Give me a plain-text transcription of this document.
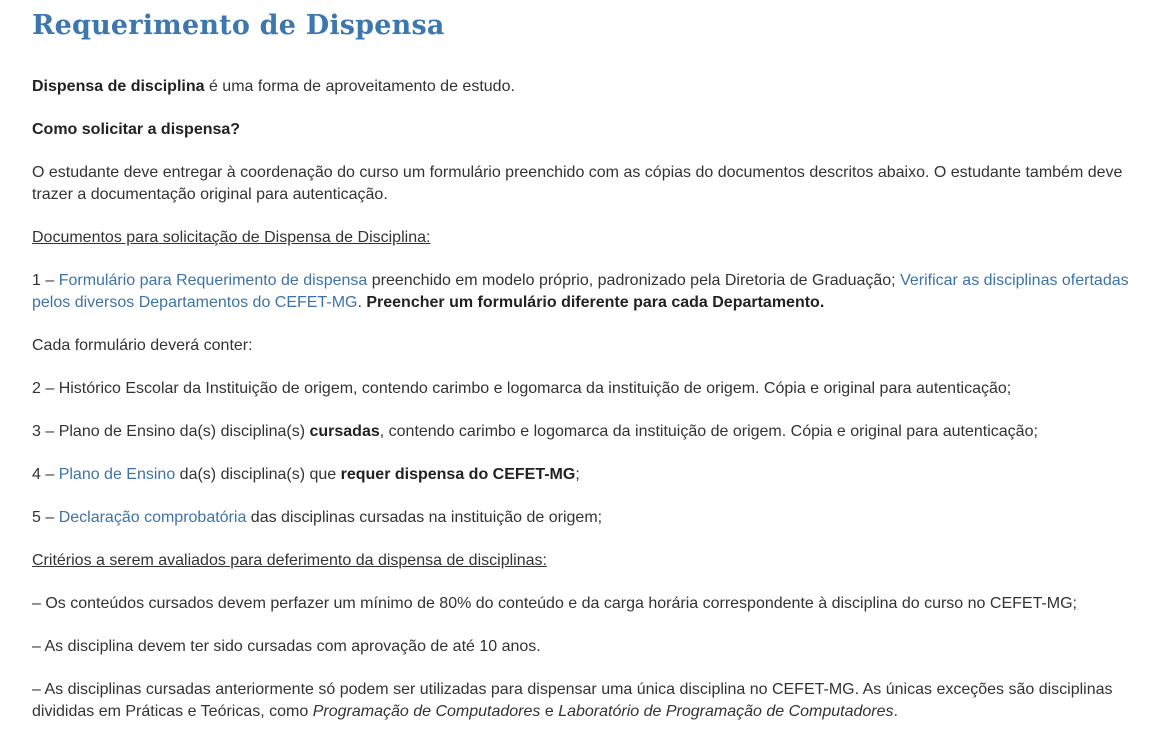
Requerimento de Dispensa

Dispensa de disciplina é uma forma de aproveitamento de estudo.

Como solicitar a dispensa?

O estudante deve entregar à coordenação do curso um formulário preenchido com as cópias do documentos descritos abaixo. O estudante também deve trazer a documentação original para autenticação.

Documentos para solicitação de Dispensa de Disciplina:

1 – Formulário para Requerimento de dispensa preenchido em modelo próprio, padronizado pela Diretoria de Graduação; Verificar as disciplinas ofertadas pelos diversos Departamentos do CEFET-MG. Preencher um formulário diferente para cada Departamento.

Cada formulário deverá conter:

2 – Histórico Escolar da Instituição de origem, contendo carimbo e logomarca da instituição de origem. Cópia e original para autenticação;

3 – Plano de Ensino da(s) disciplina(s) cursadas, contendo carimbo e logomarca da instituição de origem. Cópia e original para autenticação;

4 – Plano de Ensino da(s) disciplina(s) que requer dispensa do CEFET-MG;

5 – Declaração comprobatória das disciplinas cursadas na instituição de origem;

Critérios a serem avaliados para deferimento da dispensa de disciplinas:

– Os conteúdos cursados devem perfazer um mínimo de 80% do conteúdo e da carga horária correspondente à disciplina do curso no CEFET-MG;

– As disciplina devem ter sido cursadas com aprovação de até 10 anos.

– As disciplinas cursadas anteriormente só podem ser utilizadas para dispensar uma única disciplina no CEFET-MG. As únicas exceções são disciplinas divididas em Práticas e Teóricas, como Programação de Computadores e Laboratório de Programação de Computadores.
